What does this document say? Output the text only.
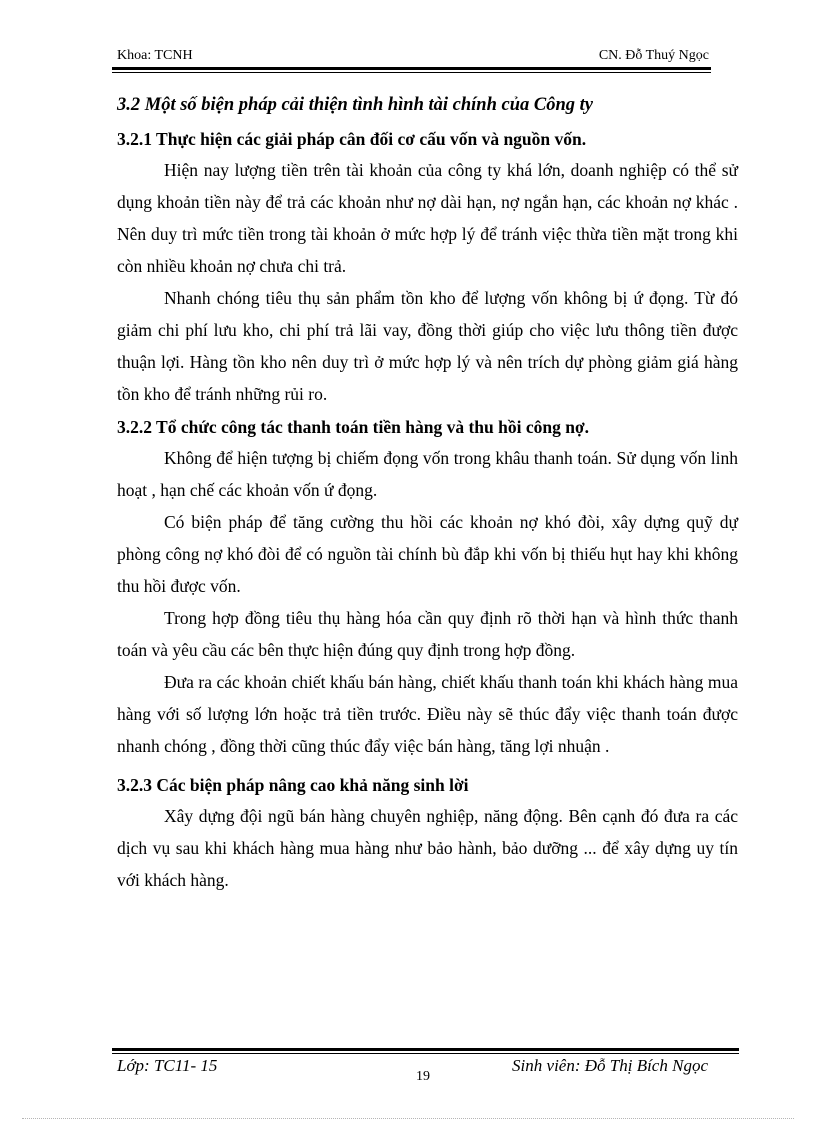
Khoa: TCNH	CN. Đỗ Thuý Ngọc

3.2 Một số biện pháp cải thiện tình hình tài chính của Công ty

3.2.1 Thực hiện các giải pháp cân đối cơ cấu vốn và nguồn vốn.

Hiện nay lượng tiền trên tài khoản của công ty khá lớn, doanh nghiệp có thể sử dụng khoản tiền này để trả các khoản như nợ dài hạn, nợ ngắn hạn, các khoản nợ khác . Nên duy trì mức tiền trong tài khoản ở mức hợp lý để tránh việc thừa tiền mặt trong khi còn nhiều khoản nợ chưa chi trả.

Nhanh chóng tiêu thụ sản phẩm tồn kho để lượng vốn không bị ứ đọng. Từ đó giảm chi phí lưu kho, chi phí trả lãi vay, đồng thời giúp cho việc lưu thông tiền được thuận lợi. Hàng tồn kho nên duy trì ở mức hợp lý và nên trích dự phòng giảm giá hàng tồn kho để tránh những rủi ro.

3.2.2 Tổ chức công tác thanh toán tiền hàng và thu hồi công nợ.

Không để hiện tượng bị chiếm đọng vốn trong khâu thanh toán. Sử dụng vốn linh hoạt , hạn chế các khoản vốn ứ đọng.

Có biện pháp để tăng cường thu hồi các khoản nợ khó đòi, xây dựng quỹ dự phòng công nợ khó đòi để có nguồn tài chính bù đắp khi vốn bị thiếu hụt hay khi không thu hồi được vốn.

Trong hợp đồng tiêu thụ hàng hóa cần quy định rõ thời hạn và hình thức thanh toán và yêu cầu các bên thực hiện đúng quy định trong hợp đồng.

Đưa ra các khoản chiết khấu bán hàng, chiết khấu thanh toán khi khách hàng mua hàng với số lượng lớn hoặc trả tiền trước. Điều này sẽ thúc đẩy việc thanh toán được nhanh chóng , đồng thời cũng thúc đẩy việc bán hàng, tăng lợi nhuận .

3.2.3 Các biện pháp nâng cao khả năng sinh lời

Xây dựng đội ngũ bán hàng chuyên nghiệp, năng động. Bên cạnh đó đưa ra các dịch vụ sau khi khách hàng mua hàng như bảo hành, bảo dưỡng ... để xây dựng uy tín với khách hàng.

Lớp: TC11- 15	Sinh viên: Đỗ Thị Bích Ngọc
19
